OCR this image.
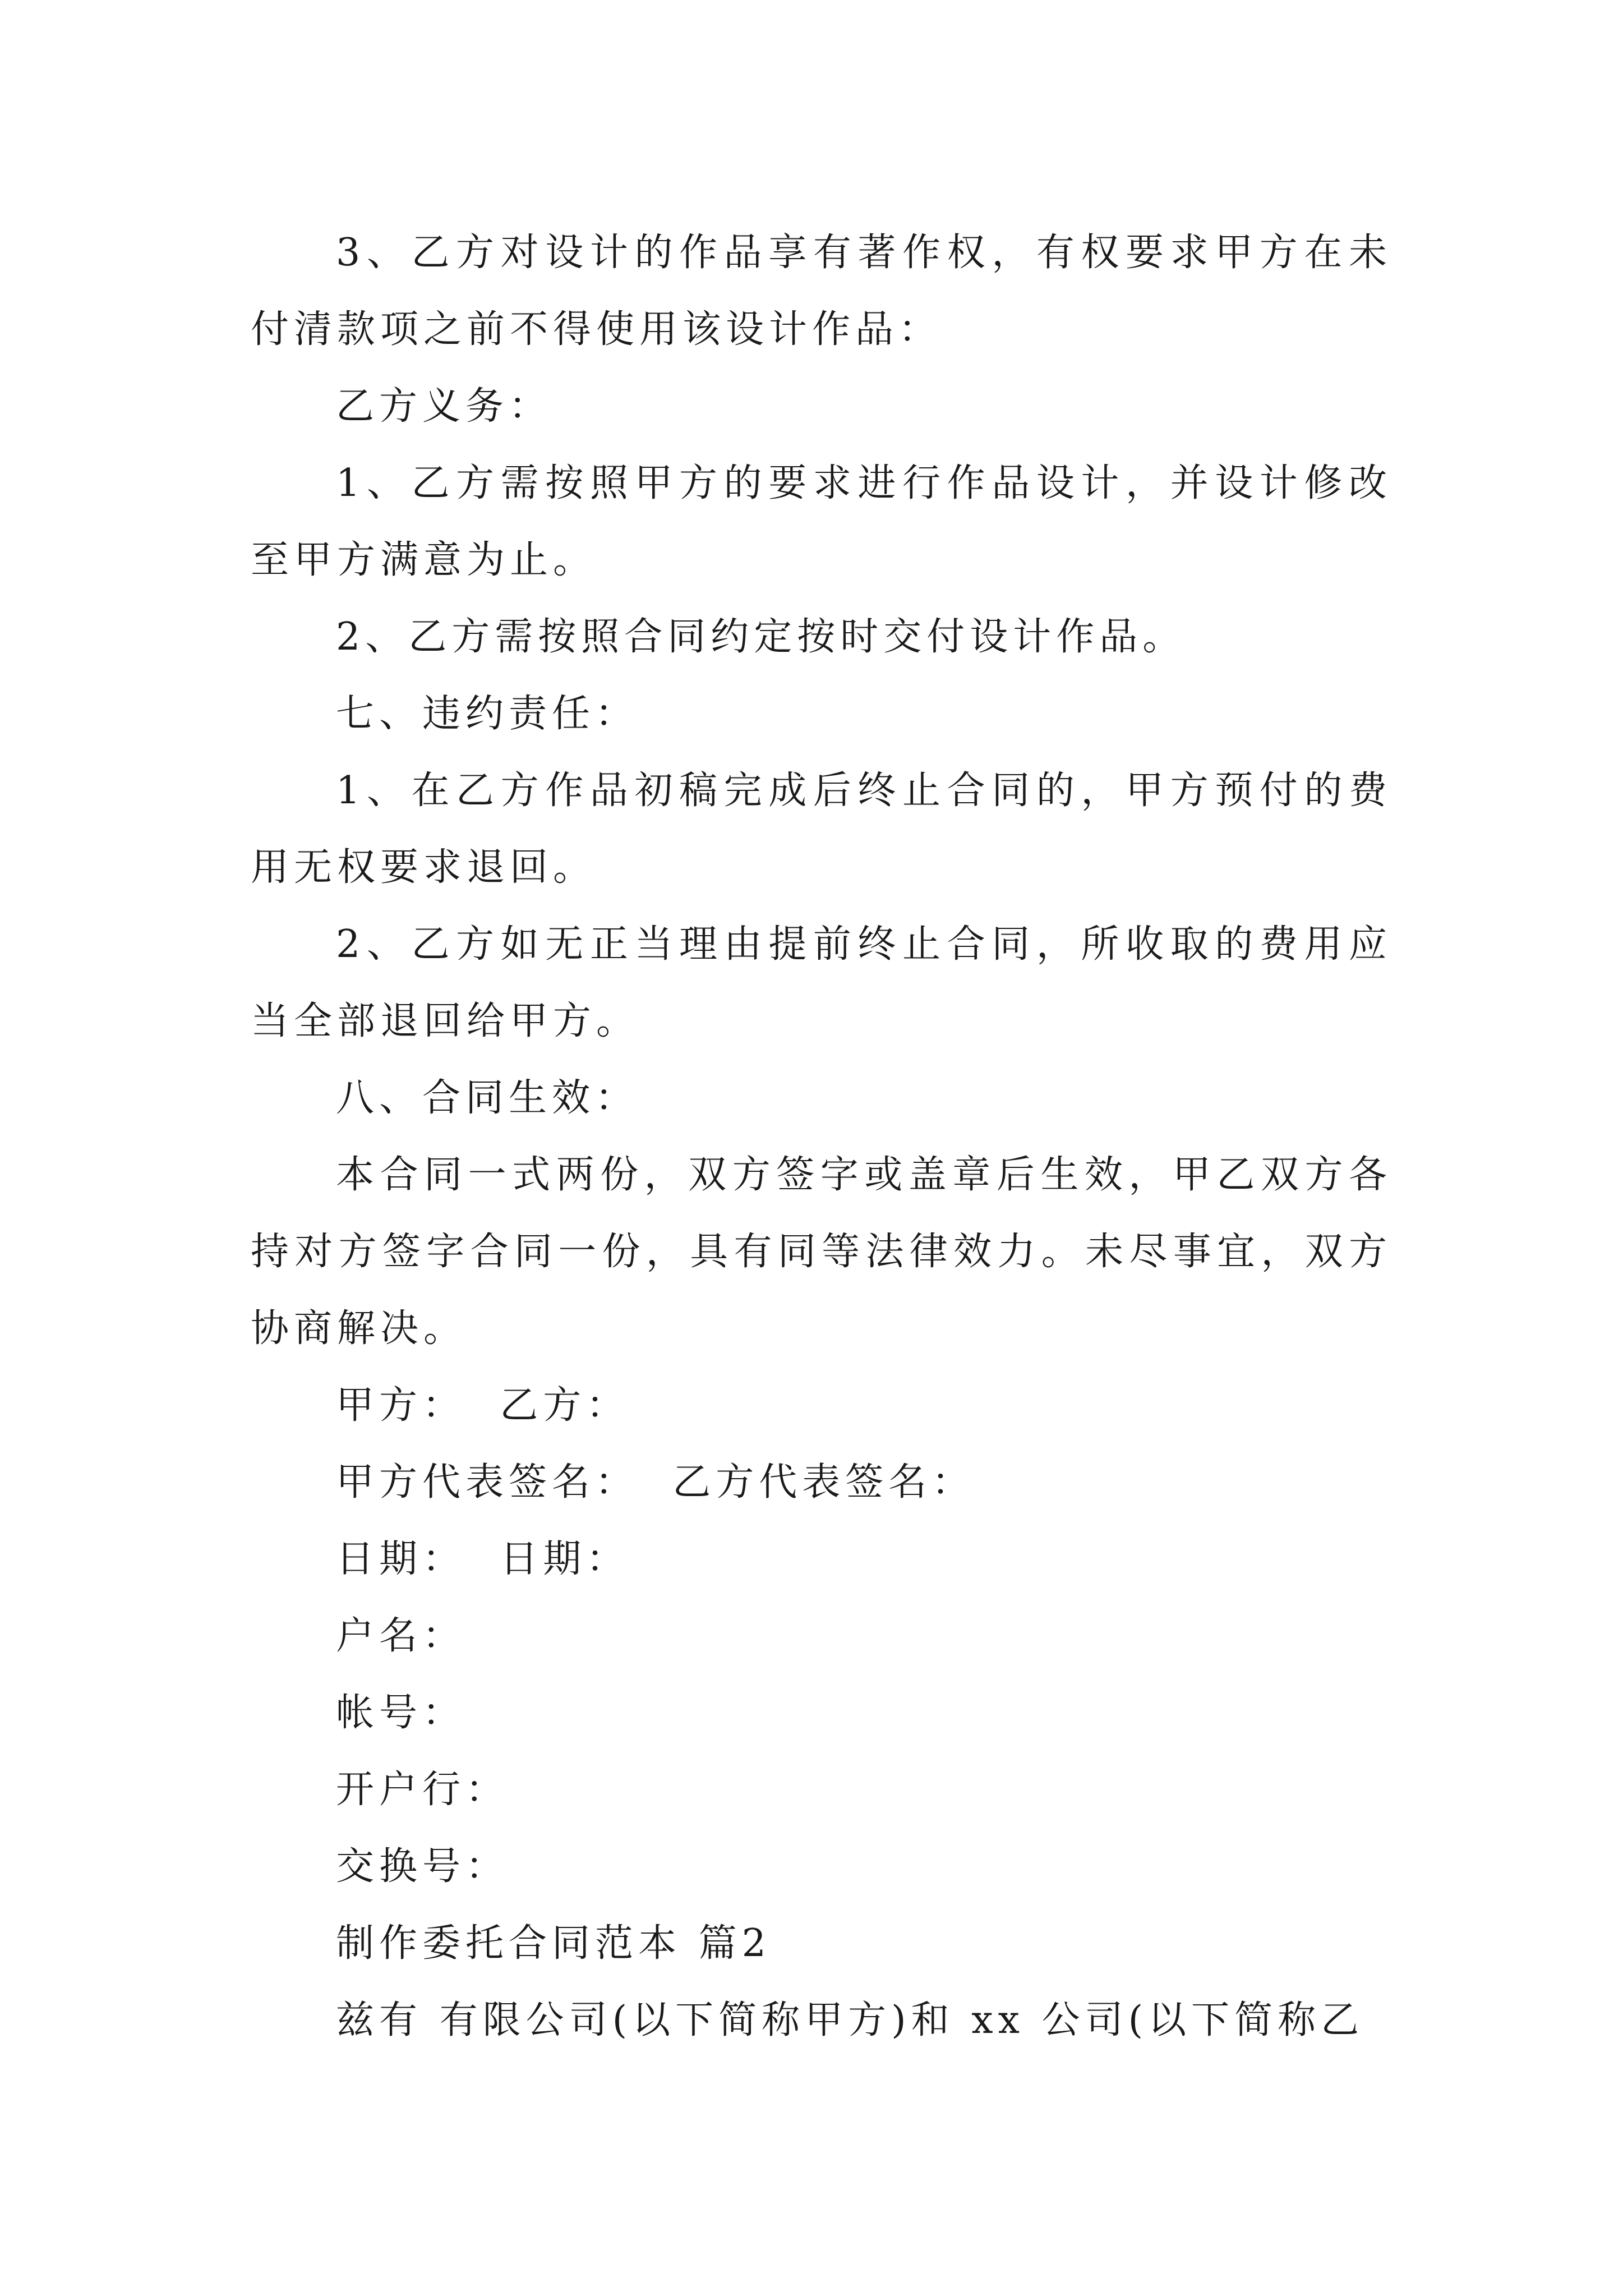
3、乙方对设计的作品享有著作权，有权要求甲方在未付清款项之前不得使用该设计作品：

乙方义务：

1、乙方需按照甲方的要求进行作品设计，并设计修改至甲方满意为止。

2、乙方需按照合同约定按时交付设计作品。

七、违约责任：

1、在乙方作品初稿完成后终止合同的，甲方预付的费用无权要求退回。

2、乙方如无正当理由提前终止合同，所收取的费用应当全部退回给甲方。

八、合同生效：

本合同一式两份，双方签字或盖章后生效，甲乙双方各持对方签字合同一份，具有同等法律效力。未尽事宜，双方协商解决。

甲方：  乙方：

甲方代表签名：  乙方代表签名：

日期：  日期：

户名：

帐号：

开户行：

交换号：

制作委托合同范本 篇2

兹有 有限公司(以下简称甲方)和 xx 公司(以下简称乙
